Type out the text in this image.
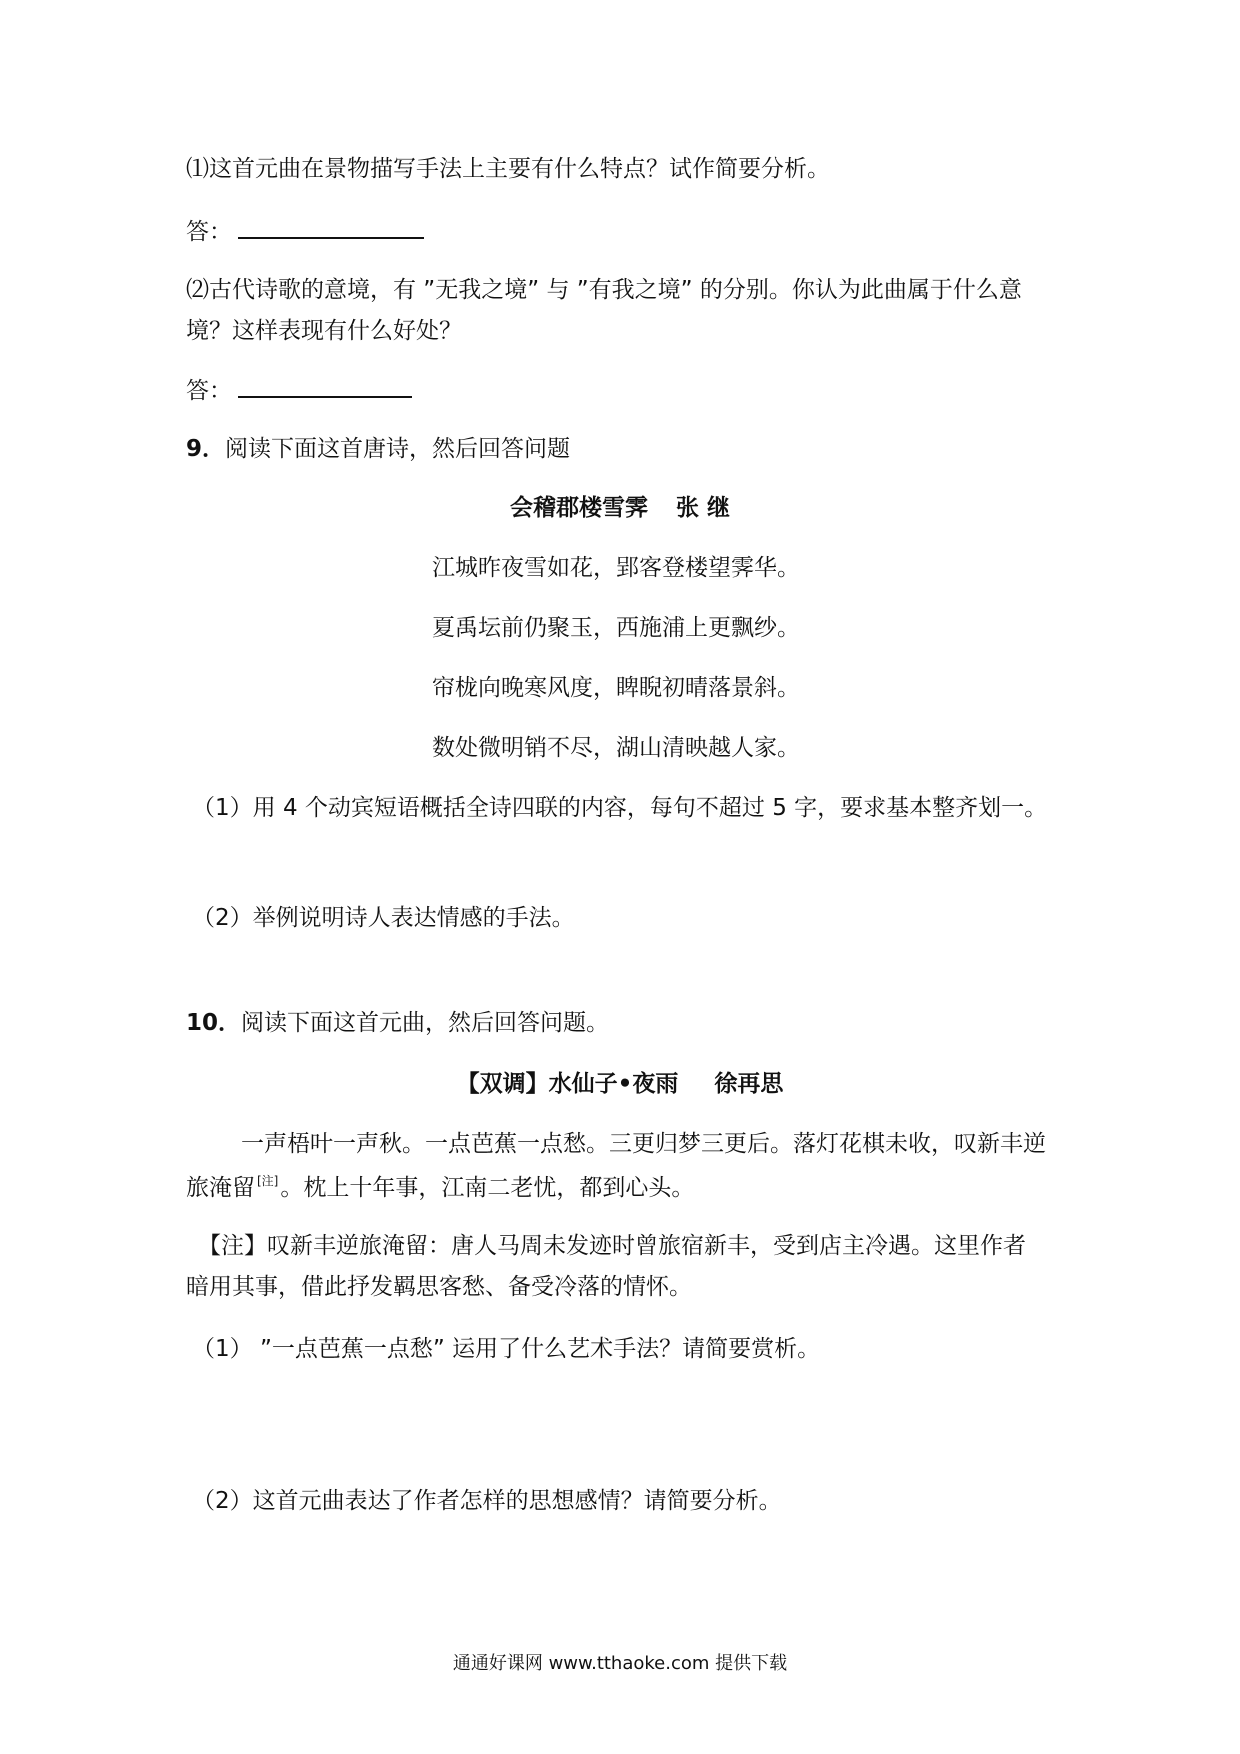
⑴这首元曲在景物描写手法上主要有什么特点？试作简要分析。
答：
⑵古代诗歌的意境，有 ”无我之境” 与 ”有我之境” 的分别。你认为此曲属于什么意
境？这样表现有什么好处？
答：
9．阅读下面这首唐诗，然后回答问题
会稽郡楼雪霁 张 继
江城昨夜雪如花，郢客登楼望霁华。
夏禹坛前仍聚玉，西施浦上更飘纱。
帘栊向晚寒风度，睥睨初晴落景斜。
数处微明销不尽，湖山清映越人家。
（1）用 4 个动宾短语概括全诗四联的内容，每句不超过 5 字，要求基本整齐划一。
（2）举例说明诗人表达情感的手法。
10．阅读下面这首元曲，然后回答问题。
【双调】水仙子•夜雨 徐再思
一声梧叶一声秋。一点芭蕉一点愁。三更归梦三更后。落灯花棋未收，叹新丰逆
旅淹留 [注]。枕上十年事，江南二老忧，都到心头。
【注】叹新丰逆旅淹留：唐人马周未发迹时曾旅宿新丰，受到店主冷遇。这里作者
暗用其事，借此抒发羁思客愁、备受冷落的情怀。
（1） ”一点芭蕉一点愁” 运用了什么艺术手法？请简要赏析。
（2）这首元曲表达了作者怎样的思想感情？请简要分析。
通通好课网 www.tthaoke.com 提供下载
